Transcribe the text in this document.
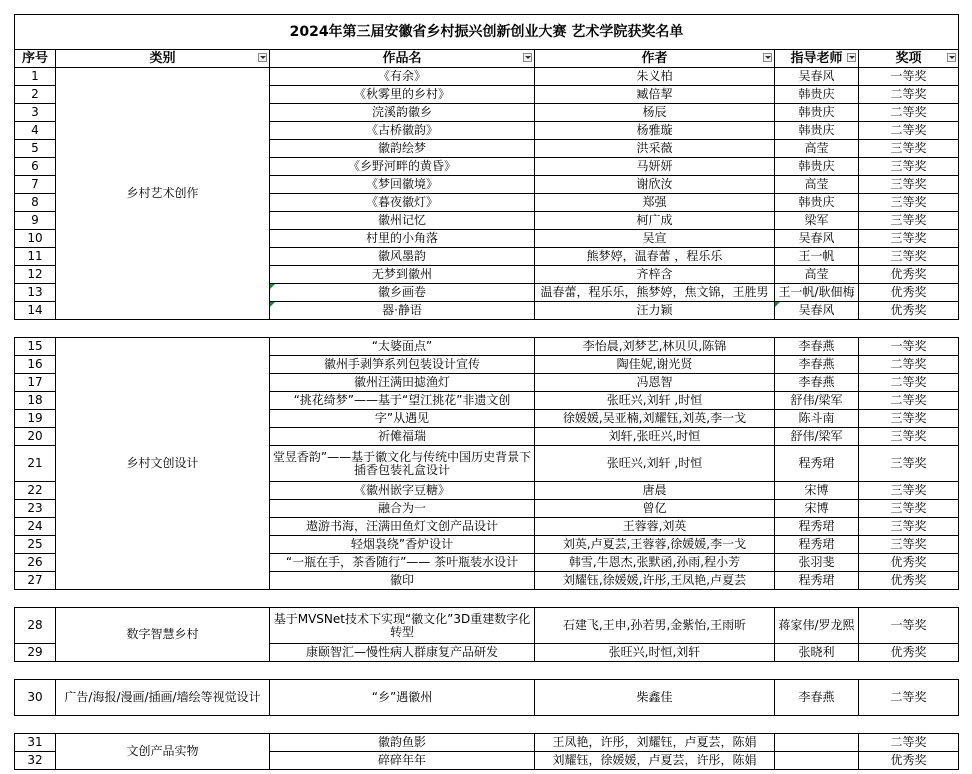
2024年第三届安徽省乡村振兴创新创业大赛 艺术学院获奖名单					
序号	类别	作品名	作者	指导老师	奖项

1	乡村艺术创作	《有余》	朱义柏	吴春风	一等奖
2		《秋雾里的乡村》	臧倍挈	韩贵庆	二等奖
3		浣溪韵徽乡	杨辰	韩贵庆	二等奖
4		《古桥徽韵》	杨雅璇	韩贵庆	二等奖
5		徽韵绘梦	洪采薇	高莹	三等奖
6		《乡野河畔的黄昏》	马妍妍	韩贵庆	三等奖
7		《梦回徽境》	谢欣汝	高莹	三等奖
8		《暮夜徽灯》	郑强	韩贵庆	三等奖
9		徽州记忆	柯广成	梁军	三等奖
10		村里的小角落	吴宣	吴春风	三等奖
11		徽风墨韵	熊梦婷，温春蕾 ，程乐乐	王一帆	三等奖
12		无梦到徽州	齐梓含	高莹	优秀奖
13		徽乡画卷	温春蕾，程乐乐，熊梦婷，焦文锦，王胜男	王一帆/耿佃梅	优秀奖
14		器·静语	汪力颖	吴春风	优秀奖

15	乡村文创设计	“太婆面点”	李怡晨,刘梦艺,林贝贝,陈锦	李春燕	一等奖
16		徽州手剥笋系列包装设计宣传	陶佳妮,谢光贤	李春燕	二等奖
17		徽州汪满田摅渔灯	冯恩智	李春燕	二等奖
18		“挑花绮梦”——基于“望江挑花”非遗文创	张旺兴,刘轩 ,时恒	舒伟/梁军	二等奖
19		字”从遇见	徐媛媛,吴亚楠,刘耀钰,刘英,李一戈	陈斗南	三等奖
20		祈傩福瑞	刘轩,张旺兴,时恒	舒伟/梁军	三等奖
21		堂昱香韵”——基于徽文化与传统中国历史背景下插香包装礼盒设计	张旺兴,刘轩 ,时恒	程秀珺	三等奖
22		《徽州嵌字豆糖》	唐晨	宋博	三等奖
23		融合为一	曾亿	宋博	三等奖
24		遨游书海，汪满田鱼灯文创产品设计	王蓉蓉,刘英	程秀珺	三等奖
25		轻烟袅绕”香炉设计	刘英,卢夏芸,王蓉蓉,徐媛媛,李一戈	程秀珺	三等奖
26		“一瓶在手，茶香随行”—— 茶叶瓶装水设计	韩雪,牛恩杰,张默函,孙雨,程小芳	张羽斐	优秀奖
27		徽印	刘耀钰,徐媛媛,许彤,王凤艳,卢夏芸	程秀珺	优秀奖

28	数字智慧乡村	基于MVSNet技术下实现“徽文化”3D重建数字化转型	石建飞,王申,孙若男,金紫怡,王雨昕	蒋家伟/罗龙熙	一等奖
29		康颐智汇—慢性病人群康复产品研发	张旺兴,时恒,刘轩	张晓利	优秀奖

30	广告/海报/漫画/插画/墙绘等视觉设计	“乡”遇徽州	柴鑫佳	李春燕	二等奖

31	文创产品实物	徽韵鱼影	王凤艳，许彤，刘耀钰，卢夏芸，陈娟		二等奖
32		碎碎年年	刘耀钰，徐媛媛，卢夏芸，许彤，陈娟		优秀奖
